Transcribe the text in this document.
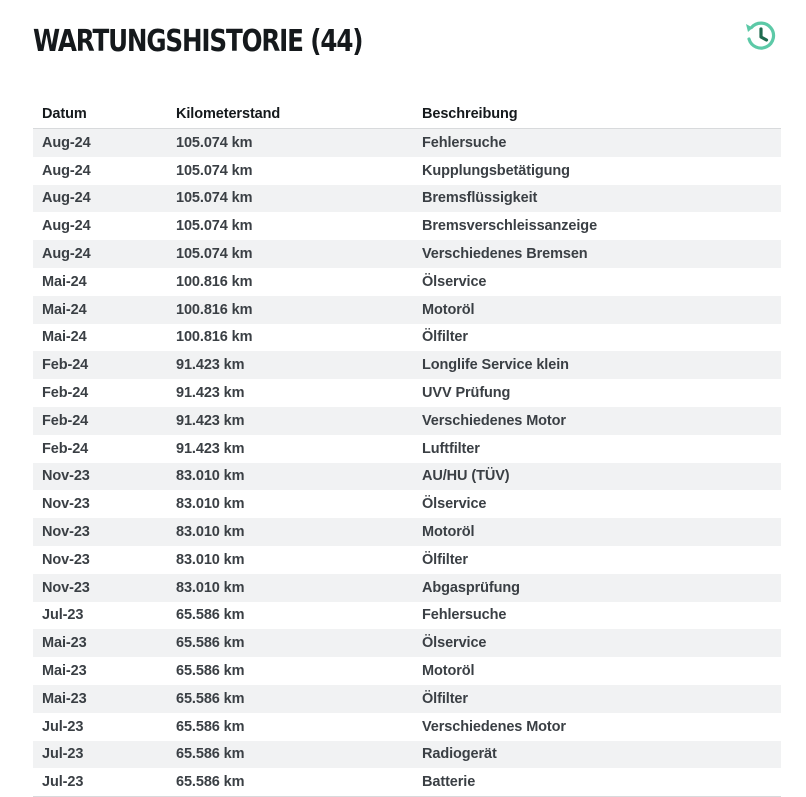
WARTUNGSHISTORIE (44)
Datum	Kilometerstand	Beschreibung
Aug-24	105.074 km	Fehlersuche
Aug-24	105.074 km	Kupplungsbetätigung
Aug-24	105.074 km	Bremsflüssigkeit
Aug-24	105.074 km	Bremsverschleissanzeige
Aug-24	105.074 km	Verschiedenes Bremsen
Mai-24	100.816 km	Ölservice
Mai-24	100.816 km	Motoröl
Mai-24	100.816 km	Ölfilter
Feb-24	91.423 km	Longlife Service klein
Feb-24	91.423 km	UVV Prüfung
Feb-24	91.423 km	Verschiedenes Motor
Feb-24	91.423 km	Luftfilter
Nov-23	83.010 km	AU/HU (TÜV)
Nov-23	83.010 km	Ölservice
Nov-23	83.010 km	Motoröl
Nov-23	83.010 km	Ölfilter
Nov-23	83.010 km	Abgasprüfung
Jul-23	65.586 km	Fehlersuche
Mai-23	65.586 km	Ölservice
Mai-23	65.586 km	Motoröl
Mai-23	65.586 km	Ölfilter
Jul-23	65.586 km	Verschiedenes Motor
Jul-23	65.586 km	Radiogerät
Jul-23	65.586 km	Batterie
